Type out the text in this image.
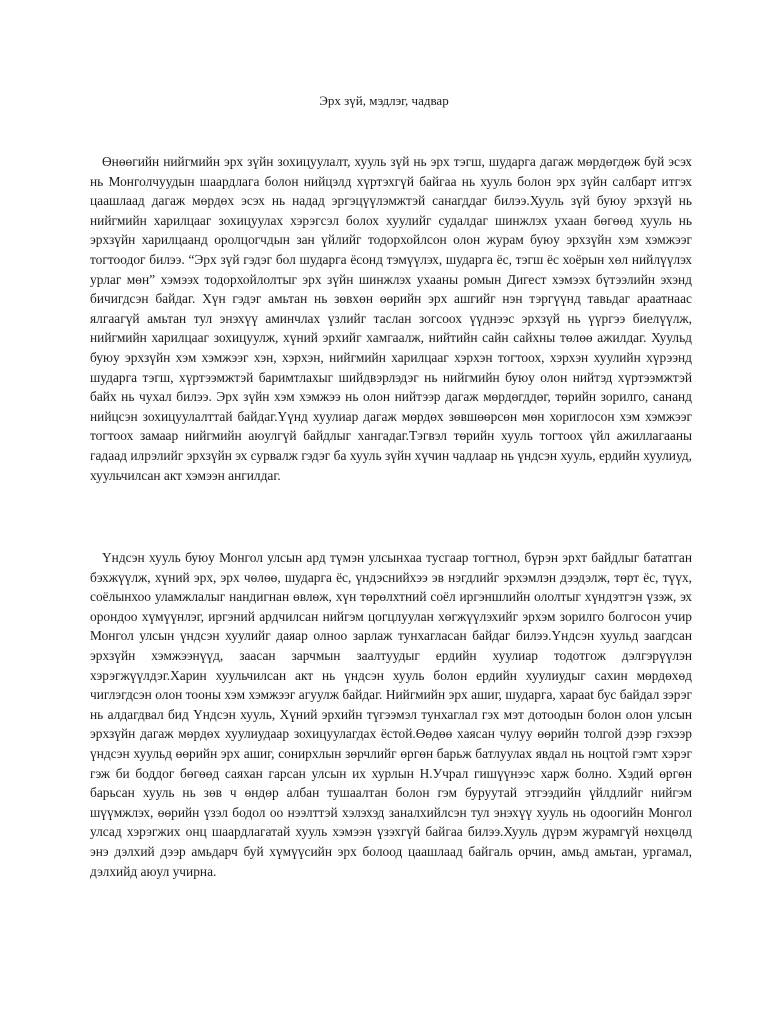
Эрх зүй, мэдлэг, чадвар

Өнөөгийн нийгмийн эрх зүйн зохицуулалт, хууль зүй нь эрх тэгш, шударга дагаж мөрдөгдөж буй эсэх нь Монголчуудын шаардлага болон нийцэлд хүртэхгүй байгаа нь хууль болон эрх зүйн салбарт итгэх цаашлаад дагаж мөрдөх эсэх нь надад эргэцүүлэмжтэй санагддаг билээ.Хууль зүй буюу эрхзүй нь нийгмийн харилцааг зохицуулах хэрэгсэл болох хуулийг судалдаг шинжлэх ухаан бөгөөд хууль нь эрхзүйн харилцаанд оролцогчдын зан үйлийг тодорхойлсон олон журам буюу эрхзүйн хэм хэмжээг тогтоодог билээ. “Эрх зүй гэдэг бол шударга ёсонд тэмүүлэх, шударга ёс, тэгш ёс хоёрын хөл нийлүүлэх урлаг мөн” хэмээх тодорхойлолтыг эрх зүйн шинжлэх ухааны ромын Дигест хэмээх бүтээлийн эхэнд бичигдсэн байдаг. Хүн гэдэг амьтан нь зөвхөн өөрийн эрх ашгийг нэн тэргүүнд тавьдаг араатнаас ялгаагүй амьтан тул энэхүү аминчлах үзлийг таслан зогсоох үүднээс эрхзүй нь үүргээ биелүүлж, нийгмийн харилцааг зохицуулж, хүний эрхийг хамгаалж, нийтийн сайн сайхны төлөө ажилдаг. Хуульд буюу эрхзүйн хэм хэмжээг хэн, хэрхэн, нийгмийн харилцааг хэрхэн тогтоох, хэрхэн хуулийн хүрээнд шударга тэгш, хүртээмжтэй баримтлахыг шийдвэрлэдэг нь нийгмийн буюу олон нийтэд хүртээмжтэй байх нь чухал билээ. Эрх зүйн хэм хэмжээ нь олон нийтээр дагаж мөрдөгддөг, төрийн зорилго, сананд нийцсэн зохицуулалттай байдаг.Үүнд хуулиар дагаж мөрдөх зөвшөөрсөн мөн хориглосон хэм хэмжээг тогтоох замаар нийгмийн аюулгүй байдлыг хангадаг.Тэгвэл төрийн хууль тогтоох үйл ажиллагааны гадаад илрэлийг эрхзүйн эх сурвалж гэдэг ба хууль зүйн хүчин чадлаар нь үндсэн хууль, ердийн хуулиуд, хуульчилсан акт хэмээн ангилдаг.

Үндсэн хууль буюу Монгол улсын ард түмэн улсынхаа тусгаар тогтнол, бүрэн эрхт байдлыг бататган бэхжүүлж, хүний эрх, эрх чөлөө, шударга ёс, үндэснийхээ эв нэгдлийг эрхэмлэн дээдэлж, төрт ёс, түүх, соёлынхоо уламжлалыг нандигнан өвлөж, хүн төрөлхтний соёл иргэншлийн ололтыг хүндэтгэн үзэж, эх орондоо хүмүүнлэг, иргэний ардчилсан нийгэм цогцлуулан хөгжүүлэхийг эрхэм зорилго болгосон учир Монгол улсын үндсэн хуулийг даяар олноо зарлаж тунхагласан байдаг билээ.Үндсэн хуульд заагдсан эрхзүйн хэмжээнүүд, заасан зарчмын заалтуудыг ердийн хуулиар тодотгож дэлгэрүүлэн хэрэгжүүлдэг.Харин хуульчилсан акт нь үндсэн хууль болон ердийн хуулиудыг сахин мөрдөхөд чиглэгдсэн олон тооны хэм хэмжээг агуулж байдаг. Нийгмийн эрх ашиг, шударга, харааt бус байдал зэрэг нь алдагдвал бид Үндсэн хууль, Хүний эрхийн түгээмэл тунхаглал гэх мэт дотоодын болон олон улсын эрхзүйн дагаж мөрдөх хуулиудаар зохицуулагдах ёстой.Өөдөө хаясан чулуу өөрийн толгой дээр гэхээр үндсэн хуульд өөрийн эрх ашиг, сонирхлын зөрчлийг өргөн барьж батлуулах явдал нь ноцтой гэмт хэрэг гэж би боддог бөгөөд саяхан гарсан улсын их хурлын Н.Учрал гишүүнээс харж болно. Хэдий өргөн барьсан хууль нь зөв ч өндөр албан тушаалтан болон гэм буруутай этгээдийн үйлдлийг нийгэм шүүмжлэх, өөрийн үзэл бодол оо нээлттэй хэлэхэд заналхийлсэн тул энэхүү хууль нь одоогийн Монгол улсад хэрэгжих онц шаардлагатай хууль хэмээн үзэхгүй байгаа билээ.Хууль дүрэм журамгүй нөхцөлд энэ дэлхий дээр амьдарч буй хүмүүсийн эрх болоод цаашлаад байгаль орчин, амьд амьтан, ургамал, дэлхийд аюул учирна.
